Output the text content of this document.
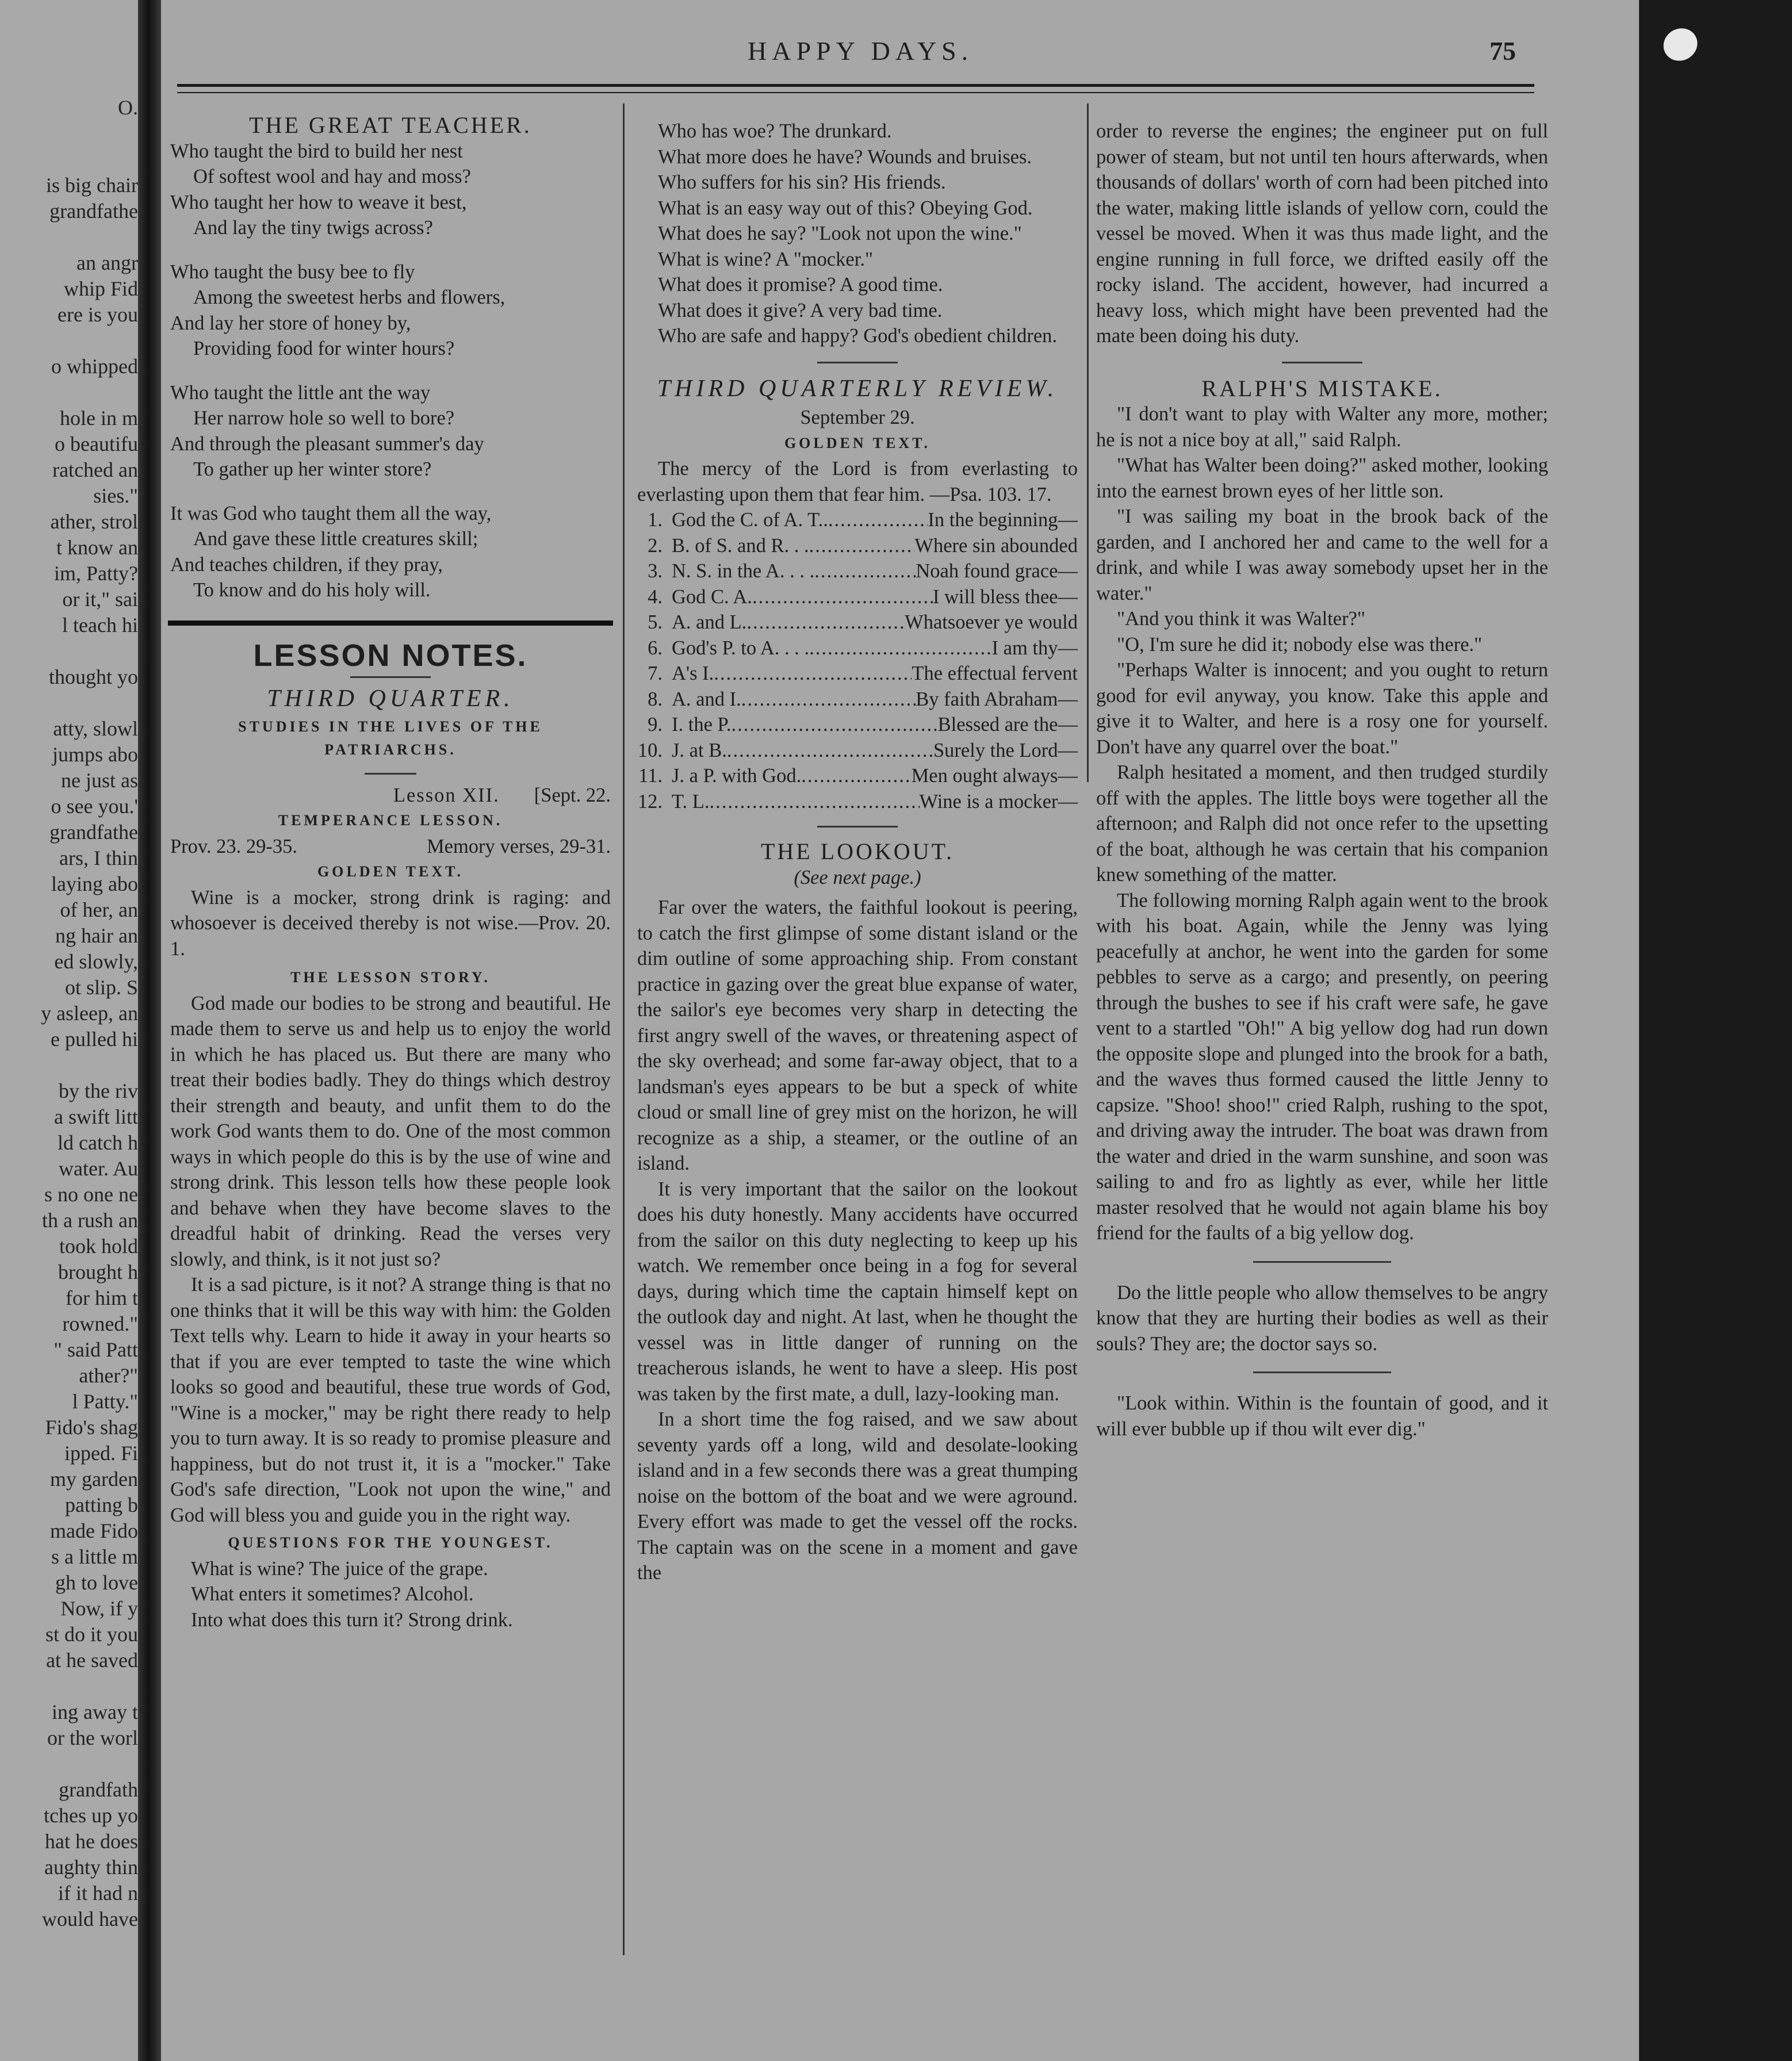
O.
is big chair
grandfathe
an angr
whip Fid
ere is you
o whipped
hole in m
o beautifu
ratched an
sies."
ather, strol
t know an
im, Patty?
or it," sai
l teach hi
thought yo
atty, slowl
jumps abo
ne just as
o see you.'
grandfathe
ars, I thin
laying abo
of her, an
ng hair an
ed slowly,
ot slip. S
y asleep, an
e pulled hi
by the riv
a swift litt
ld catch h
water. Au
s no one ne
th a rush an
took hold
brought h
for him t
rowned."
" said Patt
ather?"
l Patty."
Fido's shag
ipped. Fi
my garden
patting b
made Fido
s a little m
gh to love
Now, if y
st do it you
at he saved
ing away t
or the worl
grandfath
tches up yo
hat he does
aughty thin
if it had n
would have
HAPPY DAYS.	75

THE GREAT TEACHER.

Who taught the bird to build her nest

Of softest wool and hay and moss?

Who taught her how to weave it best,

And lay the tiny twigs across?

Who taught the busy bee to fly

Among the sweetest herbs and flowers,

And lay her store of honey by,

Providing food for winter hours?

Who taught the little ant the way

Her narrow hole so well to bore?

And through the pleasant summer's day

To gather up her winter store?

It was God who taught them all the way,

And gave these little creatures skill;

And teaches children, if they pray,

To know and do his holy will.

LESSON NOTES.

THIRD QUARTER.

STUDIES IN THE LIVES OF THE PATRIARCHS.

Lesson XII. [Sept. 22.

TEMPERANCE LESSON.

Prov. 23. 29-35.	Memory verses, 29-31.

GOLDEN TEXT.

Wine is a mocker, strong drink is raging: and whosoever is deceived thereby is not wise.—Prov. 20. 1.

THE LESSON STORY.

God made our bodies to be strong and beautiful. He made them to serve us and help us to enjoy the world in which he has placed us. But there are many who treat their bodies badly. They do things which destroy their strength and beauty, and unfit them to do the work God wants them to do. One of the most common ways in which people do this is by the use of wine and strong drink. This lesson tells how these people look and behave when they have become slaves to the dreadful habit of drinking. Read the verses very slowly, and think, is it not just so?

It is a sad picture, is it not? A strange thing is that no one thinks that it will be this way with him: the Golden Text tells why. Learn to hide it away in your hearts so that if you are ever tempted to taste the wine which looks so good and beautiful, these true words of God, "Wine is a mocker," may be right there ready to help you to turn away. It is so ready to promise pleasure and happiness, but do not trust it, it is a "mocker." Take God's safe direction, "Look not upon the wine," and God will bless you and guide you in the right way.

QUESTIONS FOR THE YOUNGEST.

What is wine? The juice of the grape.

What enters it sometimes? Alcohol.

Into what does this turn it? Strong drink.

Who has woe? The drunkard.

What more does he have? Wounds and bruises.

Who suffers for his sin? His friends.

What is an easy way out of this? Obeying God.

What does he say? "Look not upon the wine."

What is wine? A "mocker."

What does it promise? A good time.

What does it give? A very bad time.

Who are safe and happy? God's obedient children.

THIRD QUARTERLY REVIEW.

September 29.

GOLDEN TEXT.

The mercy of the Lord is from everlasting to everlasting upon them that fear him. —Psa. 103. 17.

1. God the C. of A. T.. .....	In the beginning—
2. B. of S. and R. . . .....	Where sin abounded
3. N. S. in the A. . . . .....	Noah found grace—
4. God C. A. .....	I will bless thee—
5. A. and L. .....	Whatsoever ye would
6. God's P. to A. . . . .....	I am thy—
7. A's I. .....	The effectual fervent
8. A. and I. .....	By faith Abraham—
9. I. the P. .....	Blessed are the—
10. J. at B. .....	Surely the Lord—
11. J. a P. with God. .....	Men ought always—
12. T. L. .....	Wine is a mocker—

THE LOOKOUT.

(See next page.)

Far over the waters, the faithful lookout is peering, to catch the first glimpse of some distant island or the dim outline of some approaching ship. From constant practice in gazing over the great blue expanse of water, the sailor's eye becomes very sharp in detecting the first angry swell of the waves, or threatening aspect of the sky overhead; and some far-away object, that to a landsman's eyes appears to be but a speck of white cloud or small line of grey mist on the horizon, he will recognize as a ship, a steamer, or the outline of an island.

It is very important that the sailor on the lookout does his duty honestly. Many accidents have occurred from the sailor on this duty neglecting to keep up his watch. We remember once being in a fog for several days, during which time the captain himself kept on the outlook day and night. At last, when he thought the vessel was in little danger of running on the treacherous islands, he went to have a sleep. His post was taken by the first mate, a dull, lazy-looking man.

In a short time the fog raised, and we saw about seventy yards off a long, wild and desolate-looking island and in a few seconds there was a great thumping noise on the bottom of the boat and we were aground. Every effort was made to get the vessel off the rocks. The captain was on the scene in a moment and gave the

order to reverse the engines; the engineer put on full power of steam, but not until ten hours afterwards, when thousands of dollars' worth of corn had been pitched into the water, making little islands of yellow corn, could the vessel be moved. When it was thus made light, and the engine running in full force, we drifted easily off the rocky island. The accident, however, had incurred a heavy loss, which might have been prevented had the mate been doing his duty.

RALPH'S MISTAKE.

"I don't want to play with Walter any more, mother; he is not a nice boy at all," said Ralph.

"What has Walter been doing?" asked mother, looking into the earnest brown eyes of her little son.

"I was sailing my boat in the brook back of the garden, and I anchored her and came to the well for a drink, and while I was away somebody upset her in the water."

"And you think it was Walter?"

"O, I'm sure he did it; nobody else was there."

"Perhaps Walter is innocent; and you ought to return good for evil anyway, you know. Take this apple and give it to Walter, and here is a rosy one for yourself. Don't have any quarrel over the boat."

Ralph hesitated a moment, and then trudged sturdily off with the apples. The little boys were together all the afternoon; and Ralph did not once refer to the upsetting of the boat, although he was certain that his companion knew something of the matter.

The following morning Ralph again went to the brook with his boat. Again, while the Jenny was lying peacefully at anchor, he went into the garden for some pebbles to serve as a cargo; and presently, on peering through the bushes to see if his craft were safe, he gave vent to a startled "Oh!" A big yellow dog had run down the opposite slope and plunged into the brook for a bath, and the waves thus formed caused the little Jenny to capsize. "Shoo! shoo!" cried Ralph, rushing to the spot, and driving away the intruder. The boat was drawn from the water and dried in the warm sunshine, and soon was sailing to and fro as lightly as ever, while her little master resolved that he would not again blame his boy friend for the faults of a big yellow dog.

Do the little people who allow themselves to be angry know that they are hurting their bodies as well as their souls? They are; the doctor says so.

"Look within. Within is the fountain of good, and it will ever bubble up if thou wilt ever dig."
